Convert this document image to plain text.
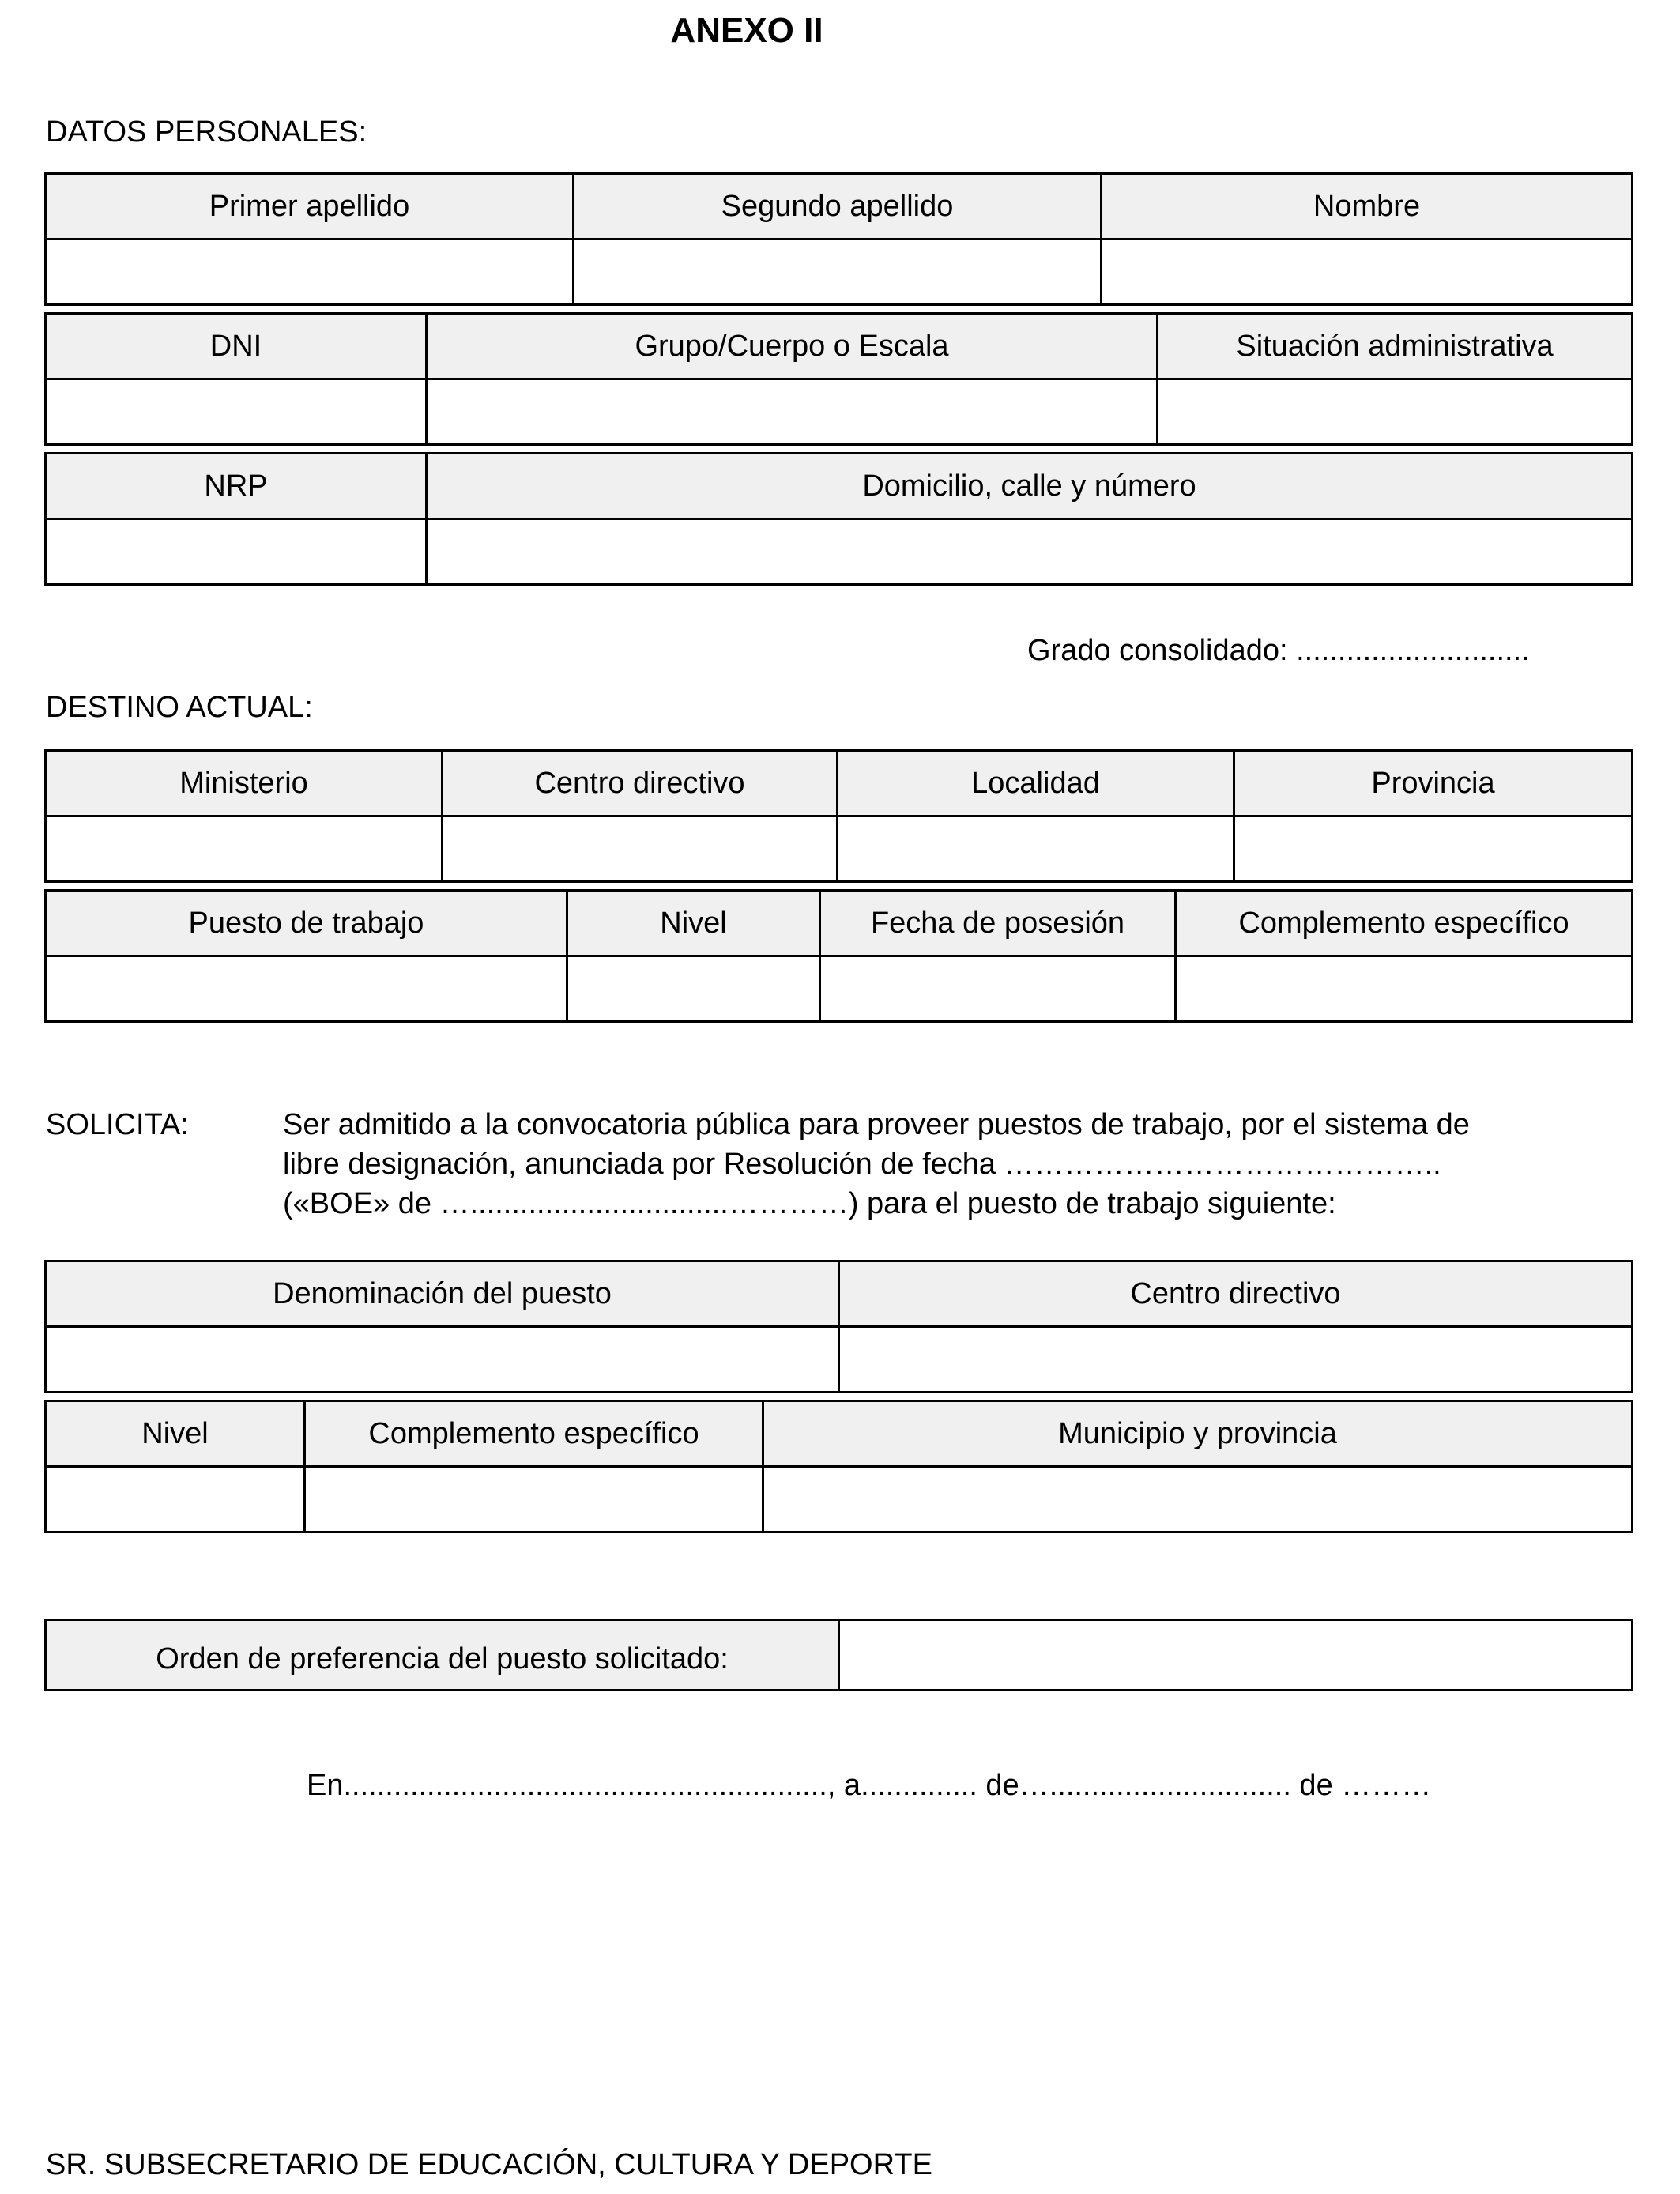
ANEXO II
DATOS PERSONALES:
Primer apellido	Segundo apellido	Nombre

DNI	Grupo/Cuerpo o Escala	Situación administrativa

NRP	Domicilio, calle y número

Grado consolidado: ............................
DESTINO ACTUAL:
Ministerio	Centro directivo	Localidad	Provincia

Puesto de trabajo	Nivel	Fecha de posesión	Complemento específico

SOLICITA:	Ser admitido a la convocatoria pública para proveer puestos de trabajo, por el sistema de
libre designación, anunciada por Resolución de fecha ……………………………………..
(«BOE» de …...............................…………) para el puesto de trabajo siguiente:
Denominación del puesto	Centro directivo

Nivel	Complemento específico	Municipio y provincia

Orden de preferencia del puesto solicitado:	
En.........................................................., a.............. de…............................. de ………
SR. SUBSECRETARIO DE EDUCACIÓN, CULTURA Y DEPORTE
